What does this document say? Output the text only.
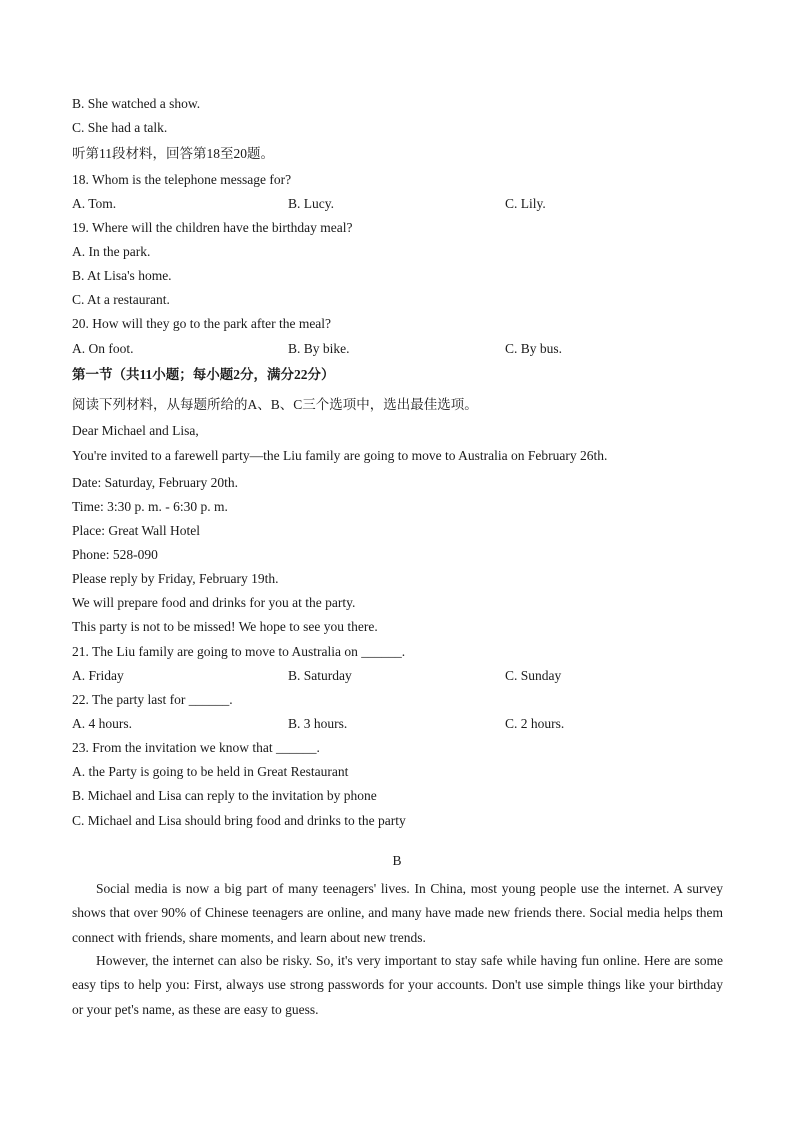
B. She watched a show.
C. She had a talk.
听第11段材料，回答第18至20题。
18. Whom is the telephone message for?
A. Tom.	B. Lucy.	C. Lily.
19. Where will the children have the birthday meal?
A. In the park.
B. At Lisa's home.
C. At a restaurant.
20. How will they go to the park after the meal?
A. On foot.	B. By bike.	C. By bus.
第一节（共11小题；每小题2分，满分22分）
阅读下列材料，从每题所给的A、B、C三个选项中，选出最佳选项。
Dear Michael and Lisa,
You're invited to a farewell party—the Liu family are going to move to Australia on February 26th.
Date: Saturday, February 20th.
Time: 3:30 p. m. - 6:30 p. m.
Place: Great Wall Hotel
Phone: 528-090
Please reply by Friday, February 19th.
We will prepare food and drinks for you at the party.
This party is not to be missed! We hope to see you there.
21. The Liu family are going to move to Australia on ______.
A. Friday	B. Saturday	C. Sunday
22. The party last for ______.
A. 4 hours.	B. 3 hours.	C. 2 hours.
23. From the invitation we know that ______.
A. the Party is going to be held in Great Restaurant
B. Michael and Lisa can reply to the invitation by phone
C. Michael and Lisa should bring food and drinks to the party
B
Social media is now a big part of many teenagers' lives. In China, most young people use the internet. A survey shows that over 90% of Chinese teenagers are online, and many have made new friends there. Social media helps them connect with friends, share moments, and learn about new trends.
However, the internet can also be risky. So, it's very important to stay safe while having fun online. Here are some easy tips to help you: First, always use strong passwords for your accounts. Don't use simple things like your birthday or your pet's name, as these are easy to guess.
